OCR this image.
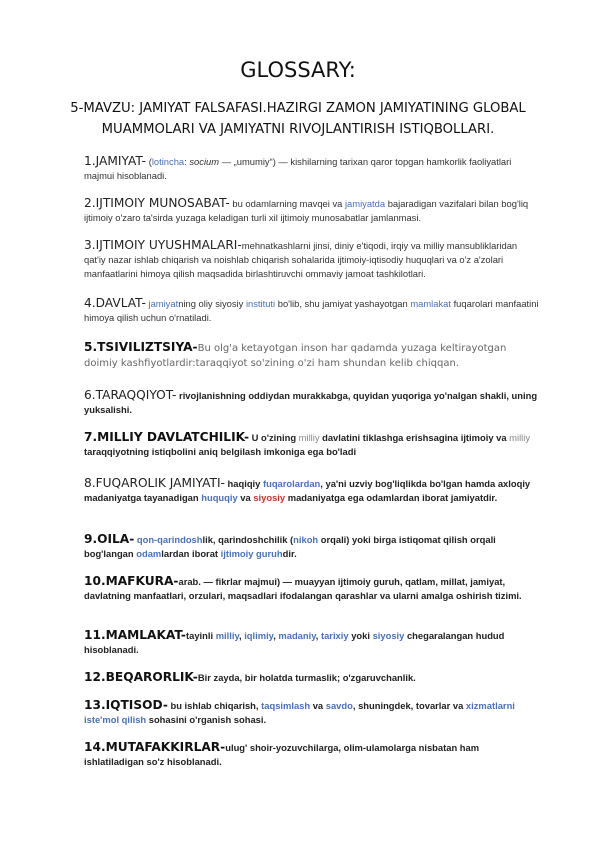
GLOSSARY:
5-MAVZU: JAMIYAT FALSAFASI.HAZIRGI ZAMON JAMIYATINING GLOBAL MUAMMOLARI VA JAMIYATNI RIVOJLANTIRISH ISTIQBOLLARI.
1.JAMIYAT- (lotincha: socium — „umumiy“) — kishilarning tarixan qaror topgan hamkorlik faoliyatlari majmui hisoblanadi.
2.IJTIMOIY MUNOSABAT- bu odamlarning mavqei va jamiyatda bajaradigan vazifalari bilan bog'liq ijtimoiy o'zaro ta'sirda yuzaga keladigan turli xil ijtimoiy munosabatlar jamlanmasi.
3.IJTIMOIY UYUSHMALARI-mehnatkashlarni jinsi, diniy e'tiqodi, irqiy va milliy mansubliklaridan qat'iy nazar ishlab chiqarish va noishlab chiqarish sohalarida ijtimoiy-iqtisodiy huquqlari va o'z a'zolari manfaatlarini himoya qilish maqsadida birlashtiruvchi ommaviy jamoat tashkilotlari.
4.DAVLAT- jamiyatning oliy siyosiy instituti bo'lib, shu jamiyat yashayotgan mamlakat fuqarolari manfaatini himoya qilish uchun o'rnatiladi.
5.TSIVILIZTSIYA-Bu olg'a ketayotgan inson har qadamda yuzaga keltirayotgan doimiy kashfiyotlardir:taraqqiyot so'zining o'zi ham shundan kelib chiqqan.
6.TARAQQIYOT- rivojlanishning oddiydan murakkabga, quyidan yuqoriga yo'nalgan shakli, uning yuksalishi.
7.MILLIY DAVLATCHILIK- U o'zining milliy davlatini tiklashga erishsagina ijtimoiy va milliy taraqqiyotning istiqbolini aniq belgilash imkoniga ega bo'ladi
8.FUQAROLIK JAMIYATI- haqiqiy fuqarolardan, ya'ni uzviy bog'liqlikda bo'lgan hamda axloqiy madaniyatga tayanadigan huquqiy va siyosiy madaniyatga ega odamlardan iborat jamiyatdir.
9.OILA- qon-qarindoshlik, qarindoshchilik (nikoh orqali) yoki birga istiqomat qilish orqali bog'langan odamlardan iborat ijtimoiy guruhdir.
10.MAFKURA-arab. — fikrlar majmui) — muayyan ijtimoiy guruh, qatlam, millat, jamiyat, davlatning manfaatlari, orzulari, maqsadlari ifodalangan qarashlar va ularni amalga oshirish tizimi.
11.MAMLAKAT-tayinli milliy, iqlimiy, madaniy, tarixiy yoki siyosiy chegaralangan hudud hisoblanadi.
12.BEQARORLIK-Bir zayda, bir holatda turmaslik; o'zgaruvchanlik.
13.IQTISOD- bu ishlab chiqarish, taqsimlash va savdo, shuningdek, tovarlar va xizmatlarni iste'mol qilish sohasini o'rganish sohasi.
14.MUTAFAKKIRLAR-ulug' shoir-yozuvchilarga, olim-ulamolarga nisbatan ham ishlatiladigan so'z hisoblanadi.
